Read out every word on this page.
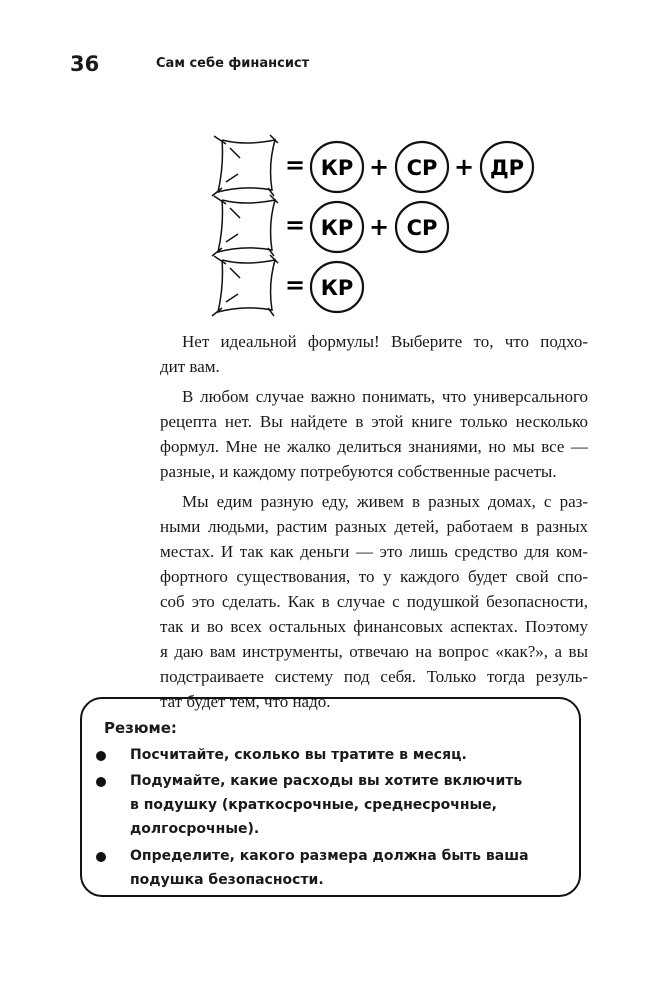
36	Сам себе финансист
= КР + СР + ДР
= КР + СР
= КР
Нет идеальной формулы! Выберите то, что подхо-
дит вам.
В любом случае важно понимать, что универсального
рецепта нет. Вы найдете в этой книге только несколько
формул. Мне не жалко делиться знаниями, но мы все —
разные, и каждому потребуются собственные расчеты.
Мы едим разную еду, живем в разных домах, с раз-
ными людьми, растим разных детей, работаем в разных
местах. И так как деньги — это лишь средство для ком-
фортного существования, то у каждого будет свой спо-
соб это сделать. Как в случае с подушкой безопасности,
так и во всех остальных финансовых аспектах. Поэтому
я даю вам инструменты, отвечаю на вопрос «как?», а вы
подстраиваете систему под себя. Только тогда резуль-
тат будет тем, что надо.
Резюме:
Посчитайте, сколько вы тратите в месяц.
Подумайте, какие расходы вы хотите включить
в подушку (краткосрочные, среднесрочные,
долгосрочные).
Определите, какого размера должна быть ваша
подушка безопасности.
